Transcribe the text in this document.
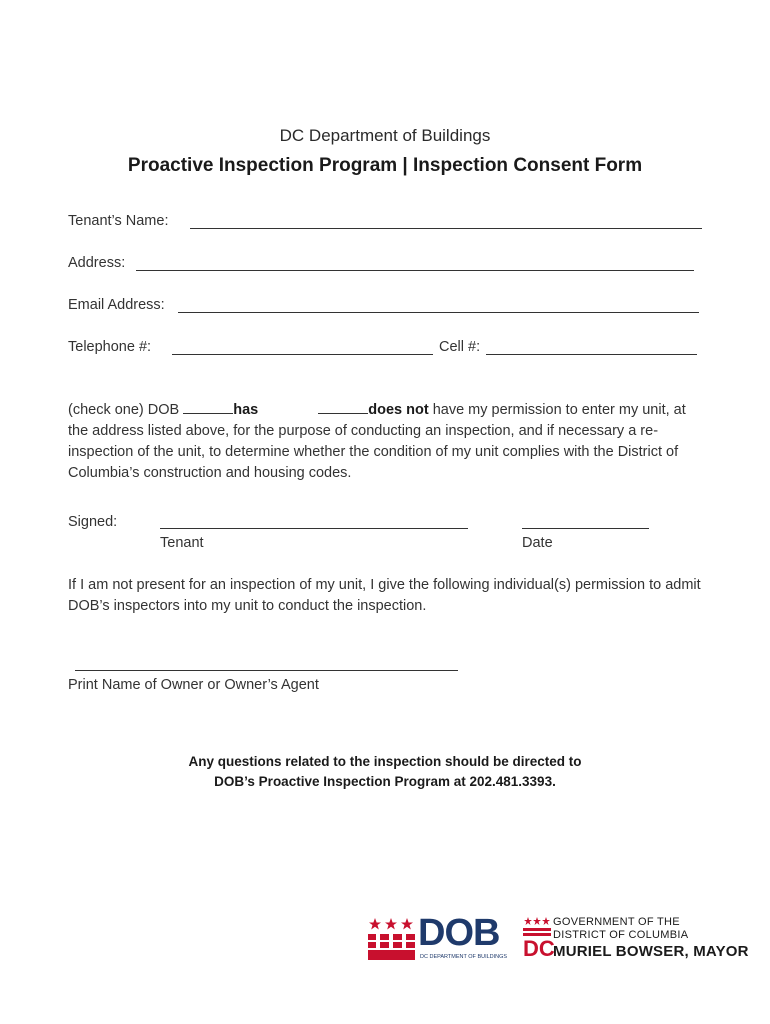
DC Department of Buildings
Proactive Inspection Program | Inspection Consent Form
Tenant’s Name:
Address:
Email Address:
Telephone #:	Cell #:
(check one) DOB	has	does not have my permission to enter my unit, at the address listed above, for the purpose of conducting an inspection, and if necessary a re-inspection of the unit, to determine whether the condition of my unit complies with the District of Columbia’s construction and housing codes.
Signed:
Tenant	Date
If I am not present for an inspection of my unit, I give the following individual(s) permission to admit DOB’s inspectors into my unit to conduct the inspection.
Print Name of Owner or Owner’s Agent
Any questions related to the inspection should be directed to
DOB’s Proactive Inspection Program at 202.481.3393.
DOB
DC DEPARTMENT OF BUILDINGS DC
GOVERNMENT OF THE
DISTRICT OF COLUMBIA
MURIEL BOWSER, MAYOR
